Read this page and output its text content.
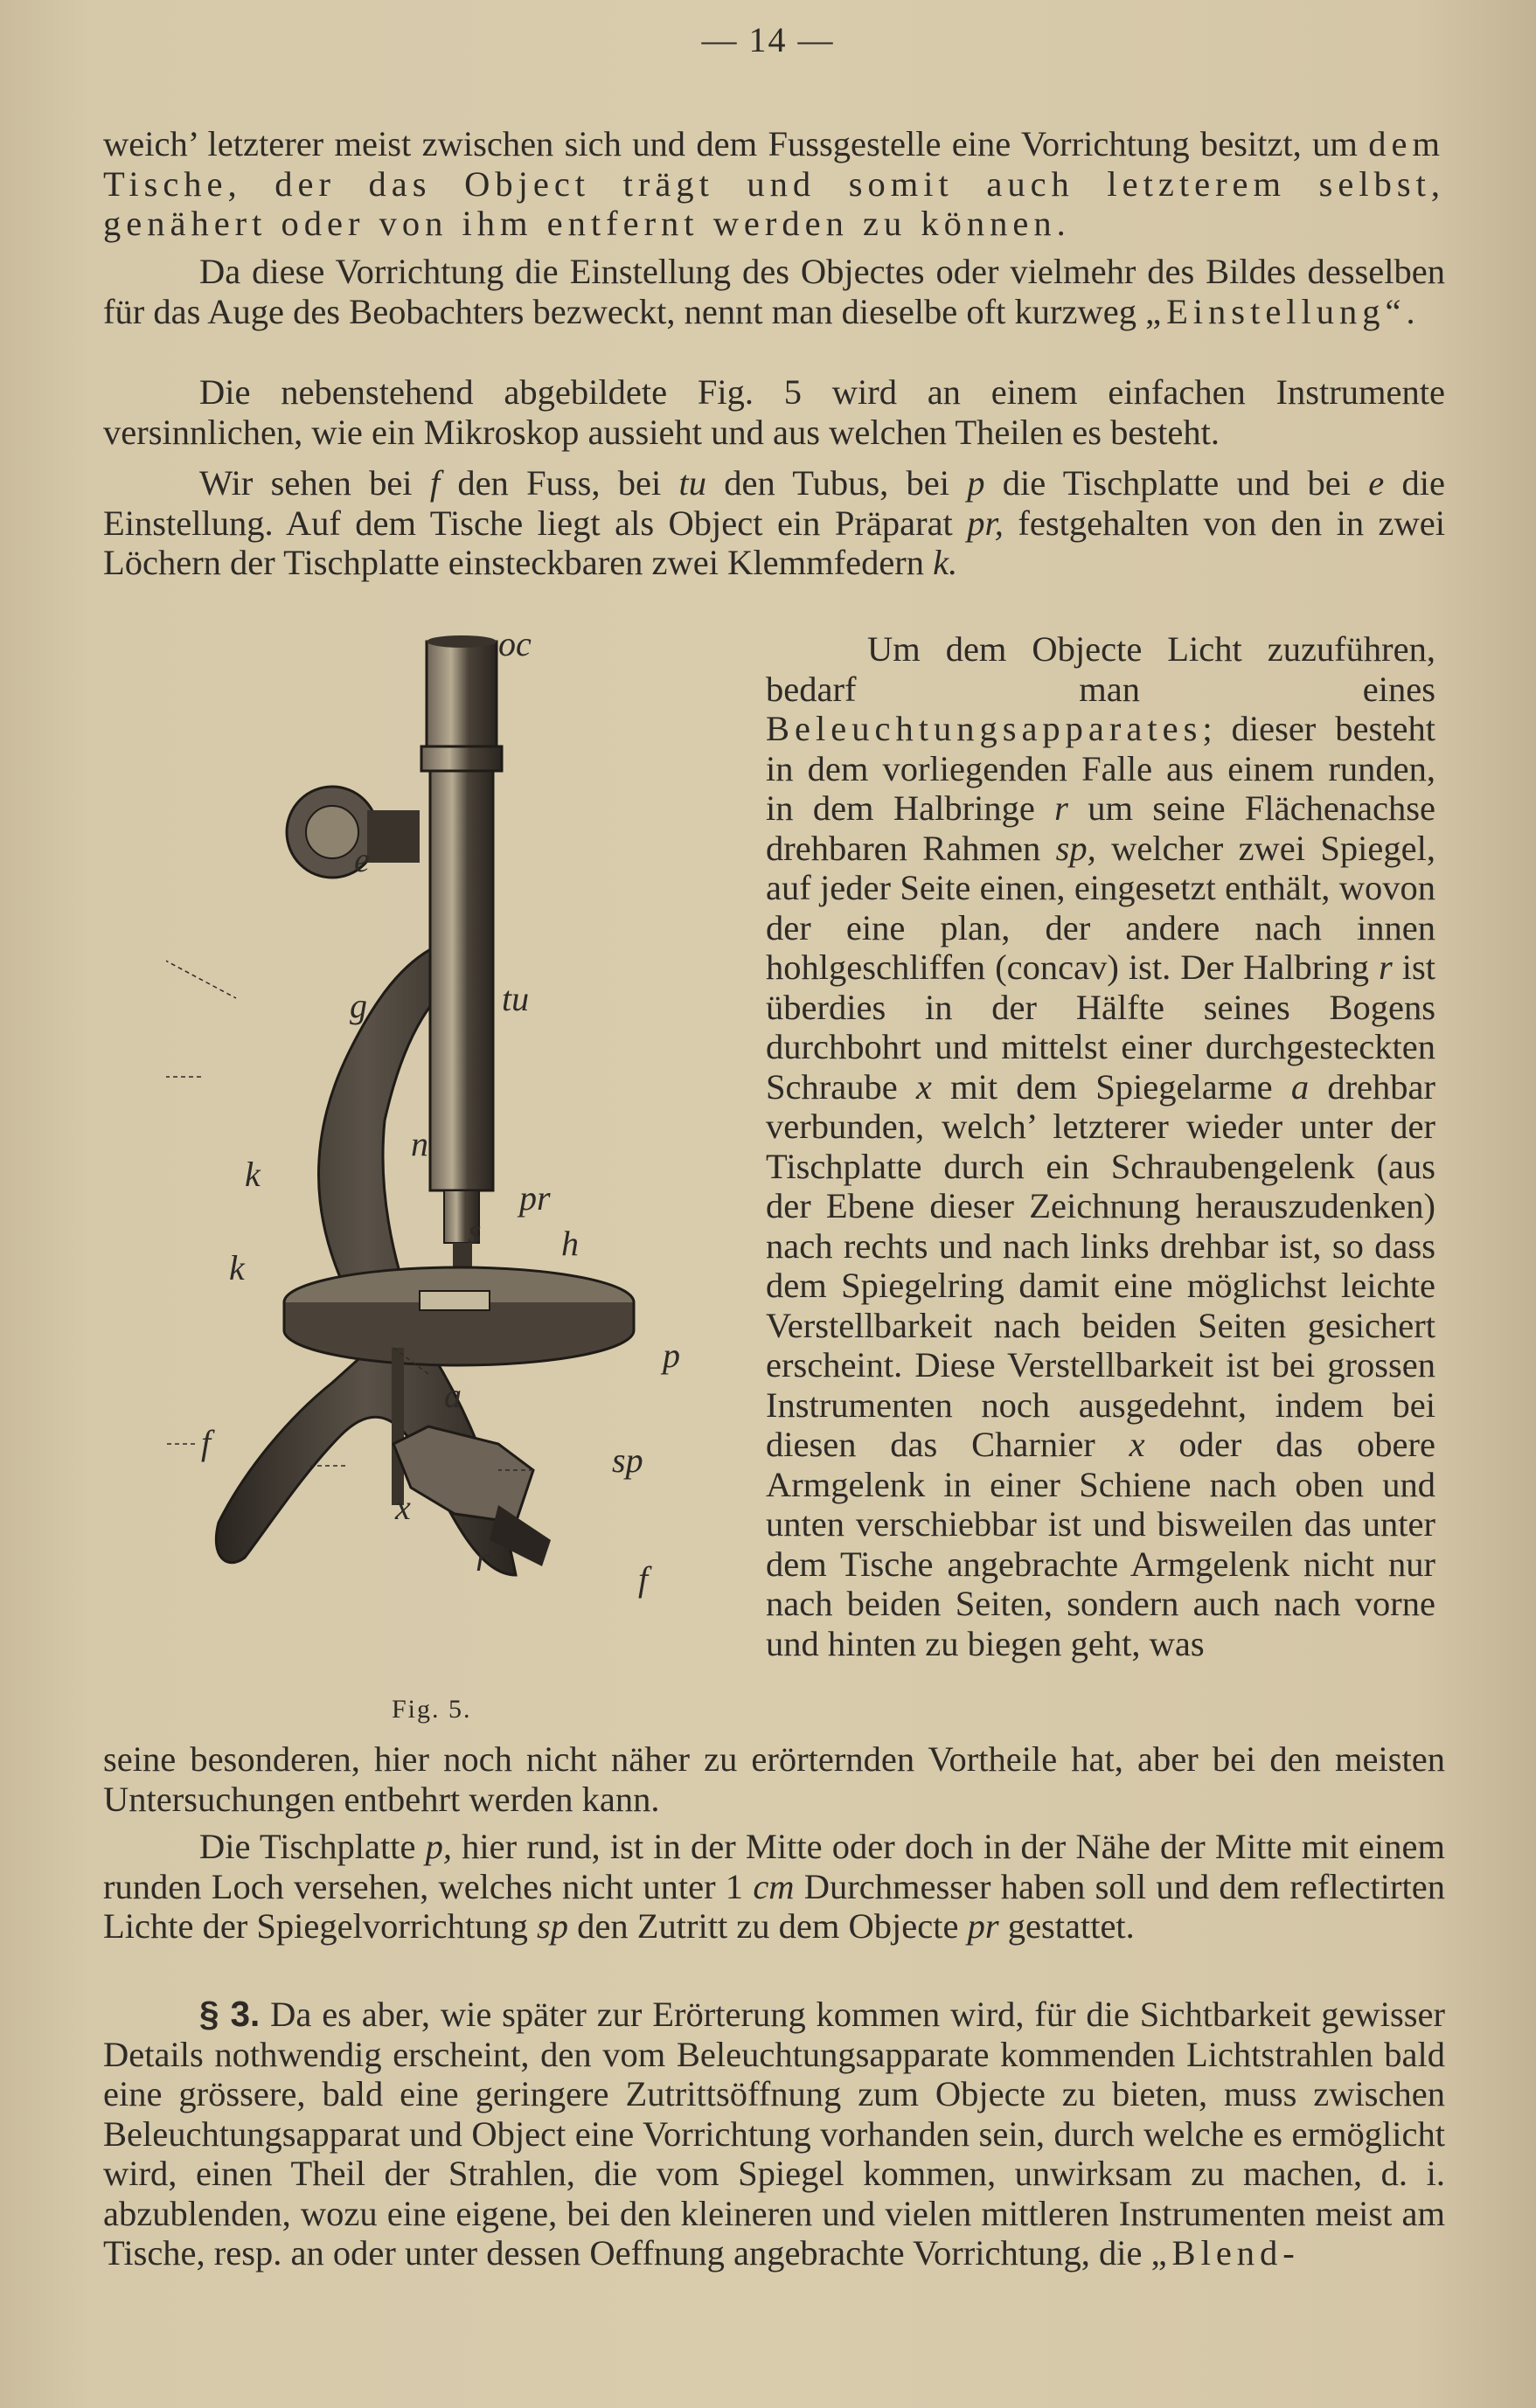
— 14 —

weich’ letzterer meist zwischen sich und dem Fussgestelle eine Vorrichtung besitzt, um dem Tische, der das Object trägt und somit auch letzterem selbst, genähert oder von ihm entfernt werden zu können.

Da diese Vorrichtung die Einstellung des Objectes oder vielmehr des Bildes desselben für das Auge des Beobachters bezweckt, nennt man dieselbe oft kurzweg „Einstellung“.

Die nebenstehend abgebildete Fig. 5 wird an einem einfachen Instrumente versinnlichen, wie ein Mikroskop aussieht und aus welchen Theilen es besteht.

Wir sehen bei f den Fuss, bei tu den Tubus, bei p die Tischplatte und bei e die Einstellung. Auf dem Tische liegt als Object ein Präparat pr, festgehalten von den in zwei Löchern der Tischplatte einsteckbaren zwei Klemmfedern k.

oc
e
g	tu
n
k
k
pr
s h
p
a
f	sp
x
r
f
Fig. 5.

Um dem Objecte Licht zuzuführen, bedarf man eines Beleuchtungsapparates; dieser besteht in dem vorliegenden Falle aus einem runden, in dem Halbringe r um seine Flächenachse drehbaren Rahmen sp, welcher zwei Spiegel, auf jeder Seite einen, eingesetzt enthält, wovon der eine plan, der andere nach innen hohlgeschliffen (concav) ist. Der Halbring r ist überdies in der Hälfte seines Bogens durchbohrt und mittelst einer durchgesteckten Schraube x mit dem Spiegelarme a drehbar verbunden, welch’ letzterer wieder unter der Tischplatte durch ein Schraubengelenk (aus der Ebene dieser Zeichnung herauszudenken) nach rechts und nach links drehbar ist, so dass dem Spiegelring damit eine möglichst leichte Verstellbarkeit nach beiden Seiten gesichert erscheint. Diese Verstellbarkeit ist bei grossen Instrumenten noch ausgedehnt, indem bei diesen das Charnier x oder das obere Armgelenk in einer Schiene nach oben und unten verschiebbar ist und bisweilen das unter dem Tische angebrachte Armgelenk nicht nur nach beiden Seiten, sondern auch nach vorne und hinten zu biegen geht, was

seine besonderen, hier noch nicht näher zu erörternden Vortheile hat, aber bei den meisten Untersuchungen entbehrt werden kann.

Die Tischplatte p, hier rund, ist in der Mitte oder doch in der Nähe der Mitte mit einem runden Loch versehen, welches nicht unter 1 cm Durchmesser haben soll und dem reflectirten Lichte der Spiegelvorrichtung sp den Zutritt zu dem Objecte pr gestattet.

§ 3. Da es aber, wie später zur Erörterung kommen wird, für die Sichtbarkeit gewisser Details nothwendig erscheint, den vom Beleuchtungsapparate kommenden Lichtstrahlen bald eine grössere, bald eine geringere Zutrittsöffnung zum Objecte zu bieten, muss zwischen Beleuchtungsapparat und Object eine Vorrichtung vorhanden sein, durch welche es ermöglicht wird, einen Theil der Strahlen, die vom Spiegel kommen, unwirksam zu machen, d. i. abzublenden, wozu eine eigene, bei den kleineren und vielen mittleren Instrumenten meist am Tische, resp. an oder unter dessen Oeffnung angebrachte Vorrichtung, die „Blend-
